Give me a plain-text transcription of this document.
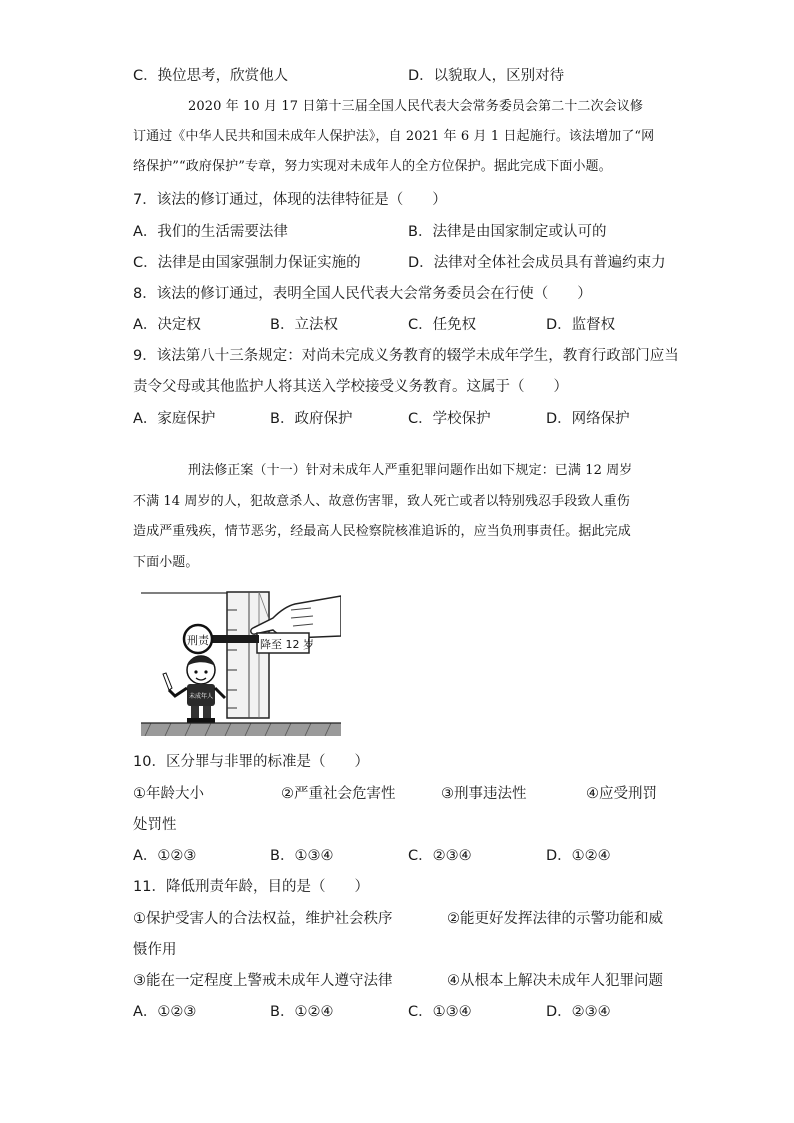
C．换位思考，欣赏他人	D．以貌取人，区别对待
2020 年 10 月 17 日第十三届全国人民代表大会常务委员会第二十二次会议修
订通过《中华人民共和国未成年人保护法》，自 2021 年 6 月 1 日起施行。该法增加了“网
络保护”“政府保护”专章，努力实现对未成年人的全方位保护。据此完成下面小题。
7．该法的修订通过，体现的法律特征是（　　）
A．我们的生活需要法律	B．法律是由国家制定或认可的
C．法律是由国家强制力保证实施的	D．法律对全体社会成员具有普遍约束力
8．该法的修订通过，表明全国人民代表大会常务委员会在行使（　　）
A．决定权	B．立法权	C．任免权	D．监督权
9．该法第八十三条规定：对尚未完成义务教育的辍学未成年学生，教育行政部门应当
责令父母或其他监护人将其送入学校接受义务教育。这属于（　　）
A．家庭保护	B．政府保护	C．学校保护	D．网络保护
刑法修正案（十一）针对未成年人严重犯罪问题作出如下规定：已满 12 周岁
不满 14 周岁的人，犯故意杀人、故意伤害罪，致人死亡或者以特别残忍手段致人重伤
造成严重残疾，情节恶劣，经最高人民检察院核准追诉的，应当负刑事责任。据此完成
下面小题。
降至 12 岁
刑责
未成年人
10．区分罪与非罪的标准是（　　）
①年龄大小	②严重社会危害性	③刑事违法性	④应受刑罚
处罚性
A．①②③	B．①③④	C．②③④	D．①②④
11．降低刑责年龄，目的是（　　）
①保护受害人的合法权益，维护社会秩序	②能更好发挥法律的示警功能和威
慑作用
③能在一定程度上警戒未成年人遵守法律	④从根本上解决未成年人犯罪问题
A．①②③	B．①②④	C．①③④	D．②③④
